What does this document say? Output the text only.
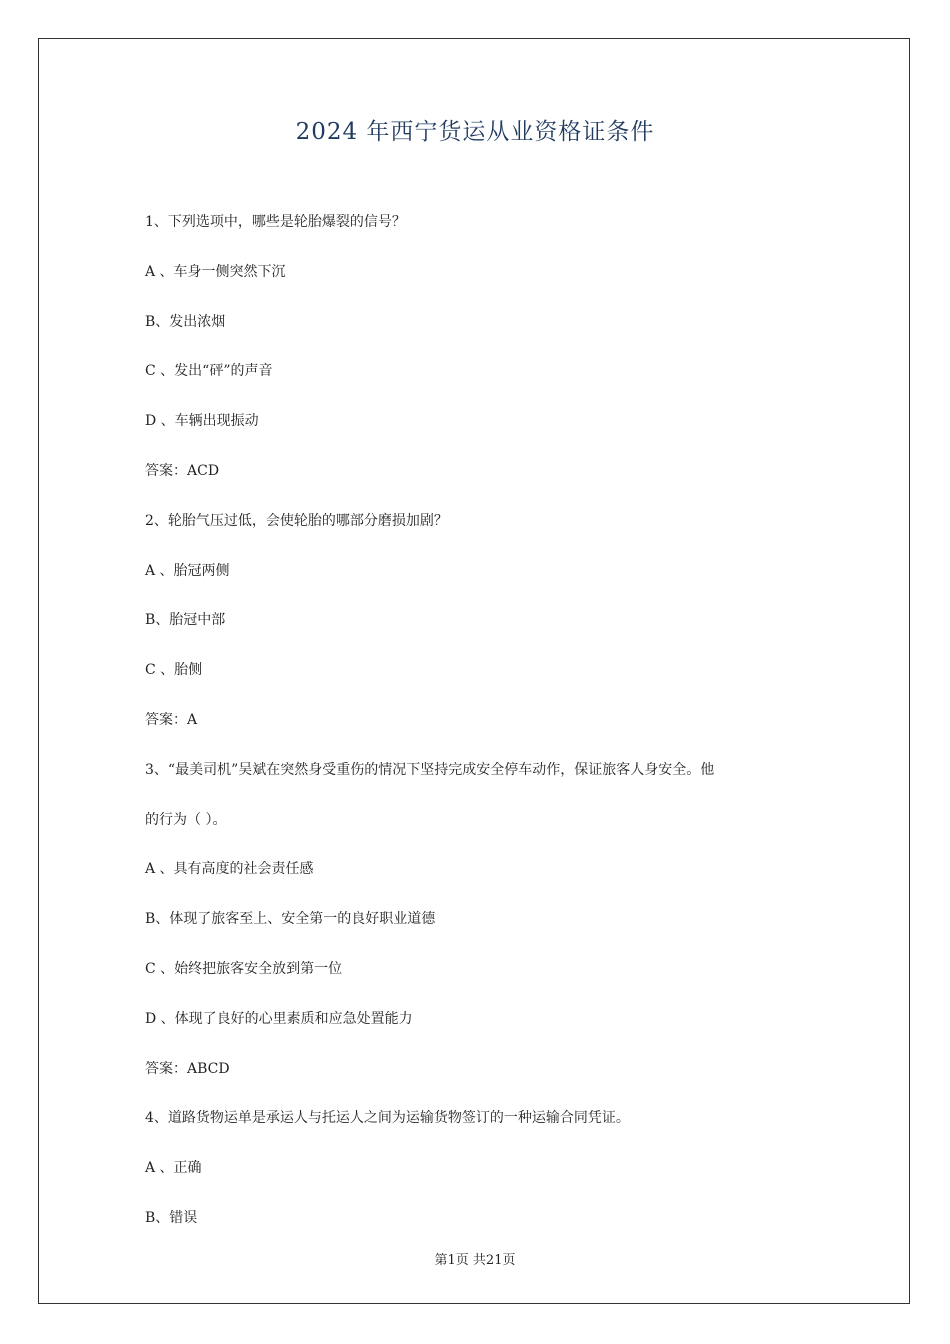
2024 年西宁货运从业资格证条件
1、下列选项中，哪些是轮胎爆裂的信号？
A 、车身一侧突然下沉
B、发出浓烟
C 、发出“砰”的声音
D 、车辆出现振动
答案：ACD
2、轮胎气压过低，会使轮胎的哪部分磨损加剧？
A 、胎冠两侧
B、胎冠中部
C 、胎侧
答案：A
3、“最美司机”吴斌在突然身受重伤的情况下坚持完成安全停车动作，保证旅客人身安全。他
的行为（ ）。
A 、具有高度的社会责任感
B、体现了旅客至上、安全第一的良好职业道德
C 、始终把旅客安全放到第一位
D 、体现了良好的心里素质和应急处置能力
答案：ABCD
4、道路货物运单是承运人与托运人之间为运输货物签订的一种运输合同凭证。
A 、正确
B、错误
第1页 共21页
